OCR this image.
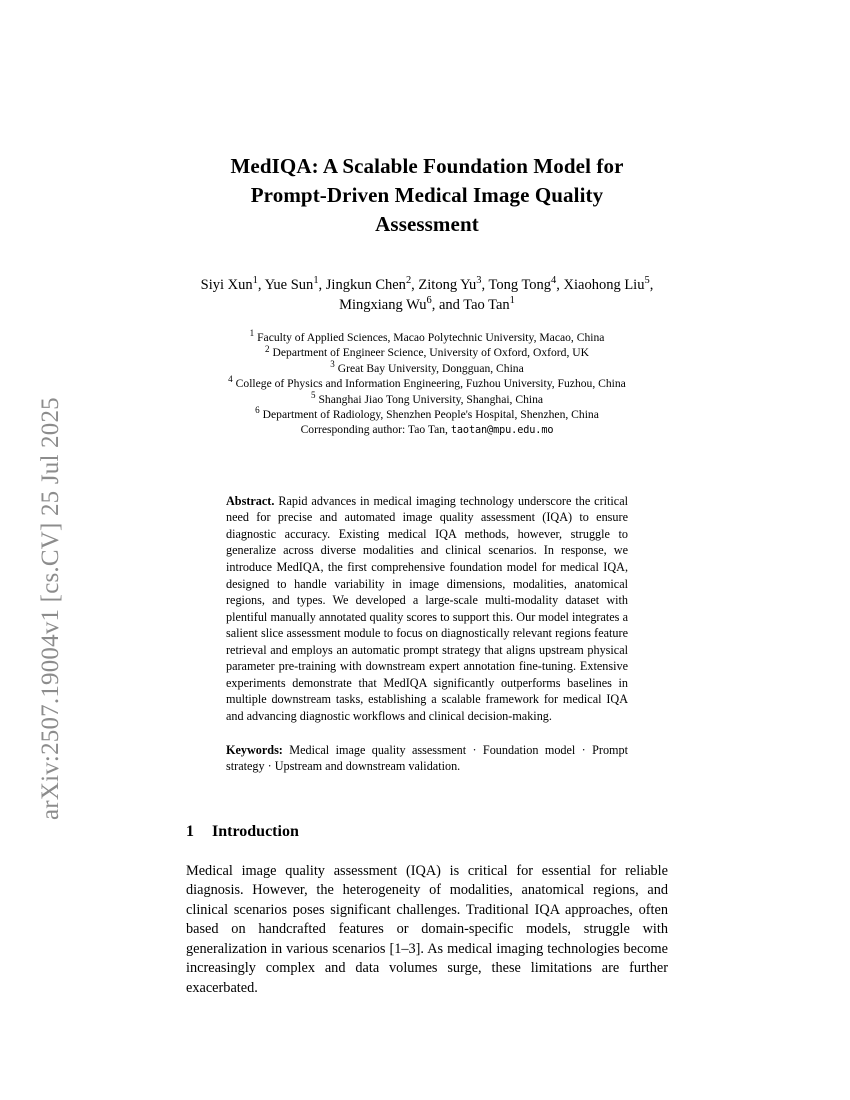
arXiv:2507.19004v1 [cs.CV] 25 Jul 2025
MedIQA: A Scalable Foundation Model for
Prompt-Driven Medical Image Quality
Assessment
Siyi Xun$^1$, Yue Sun$^1$, Jingkun Chen$^2$, Zitong Yu$^3$, Tong Tong$^4$, Xiaohong Liu$^5$,
Mingxiang Wu$^6$, and Tao Tan$^1$
$^1$ Faculty of Applied Sciences, Macao Polytechnic University, Macao, China
$^2$ Department of Engineer Science, University of Oxford, Oxford, UK
$^3$ Great Bay University, Dongguan, China
$^4$ College of Physics and Information Engineering, Fuzhou University, Fuzhou, China
$^5$ Shanghai Jiao Tong University, Shanghai, China
$^6$ Department of Radiology, Shenzhen People's Hospital, Shenzhen, China
Corresponding author: Tao Tan, taotan@mpu.edu.mo
Abstract. Rapid advances in medical imaging technology underscore the critical need for precise and automated image quality assessment (IQA) to ensure diagnostic accuracy. Existing medical IQA methods, however, struggle to generalize across diverse modalities and clinical scenarios. In response, we introduce MedIQA, the first comprehensive foundation model for medical IQA, designed to handle variability in image dimensions, modalities, anatomical regions, and types. We developed a large-scale multi-modality dataset with plentiful manually annotated quality scores to support this. Our model integrates a salient slice assessment module to focus on diagnostically relevant regions feature retrieval and employs an automatic prompt strategy that aligns upstream physical parameter pre-training with downstream expert annotation fine-tuning. Extensive experiments demonstrate that MedIQA significantly outperforms baselines in multiple downstream tasks, establishing a scalable framework for medical IQA and advancing diagnostic workflows and clinical decision-making.
Keywords: Medical image quality assessment · Foundation model · Prompt strategy · Upstream and downstream validation.
1 Introduction
Medical image quality assessment (IQA) is critical for essential for reliable diagnosis. However, the heterogeneity of modalities, anatomical regions, and clinical scenarios poses significant challenges. Traditional IQA approaches, often based on handcrafted features or domain-specific models, struggle with generalization in various scenarios [1–3]. As medical imaging technologies become increasingly complex and data volumes surge, these limitations are further exacerbated.
